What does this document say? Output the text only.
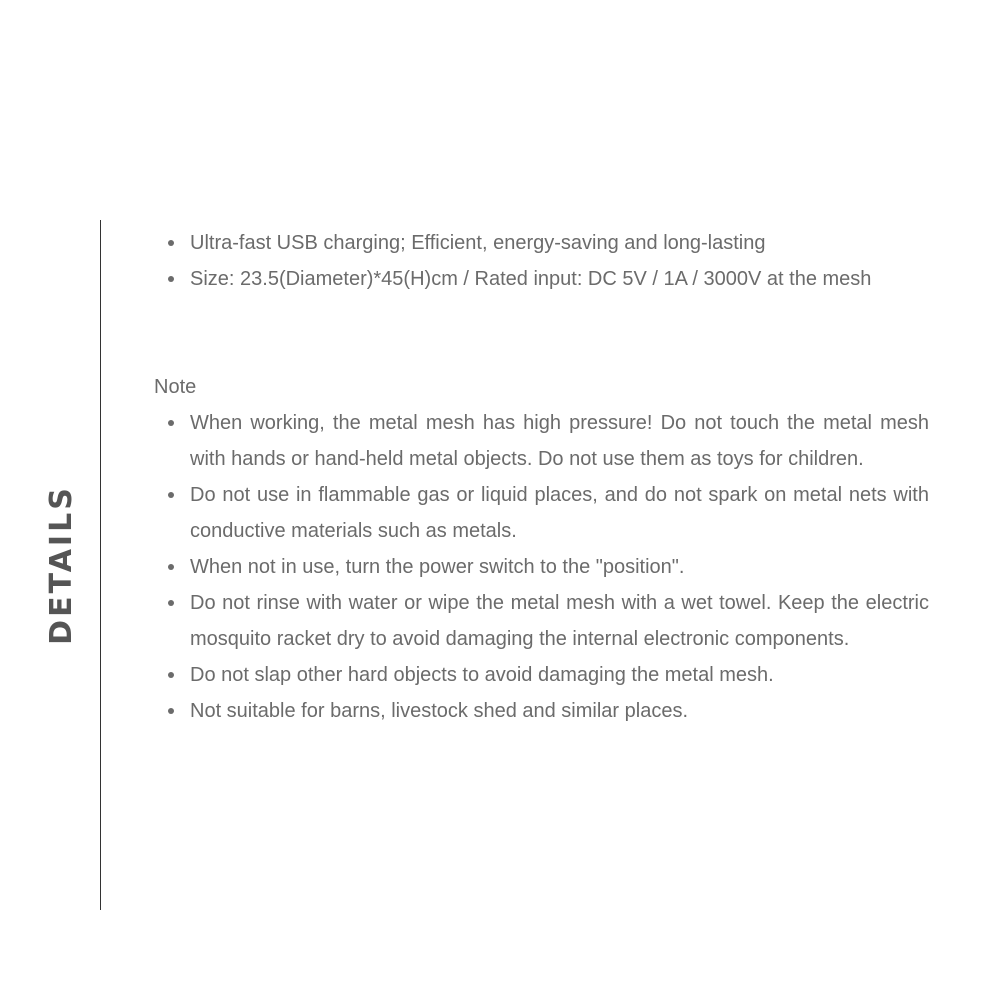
DETAILS
Ultra-fast USB charging; Efficient, energy-saving and long-lasting
Size: 23.5(Diameter)*45(H)cm / Rated input: DC 5V / 1A / 3000V at the mesh

Note

When working, the metal mesh has high pressure! Do not touch the metal mesh with hands or hand-held metal objects. Do not use them as toys for children.
Do not use in flammable gas or liquid places, and do not spark on metal nets with conductive materials such as metals.
When not in use, turn the power switch to the "position".
Do not rinse with water or wipe the metal mesh with a wet towel. Keep the electric mosquito racket dry to avoid damaging the internal electronic components.
Do not slap other hard objects to avoid damaging the metal mesh.
Not suitable for barns, livestock shed and similar places.
